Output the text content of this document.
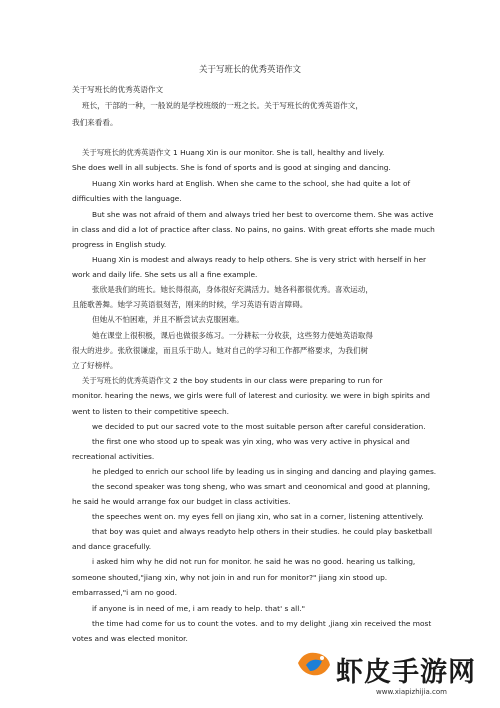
关于写班长的优秀英语作文
关于写班长的优秀英语作文
班长，干部的一种，一般说的是学校班级的一班之长。关于写班长的优秀英语作文，
我们来看看。
关于写班长的优秀英语作文 1 Huang Xin is our monitor. She is tall, healthy and lively.
She does well in all subjects. She is fond of sports and is good at singing and dancing.
Huang Xin works hard at English. When she came to the school, she had quite a lot of
difficulties with the language.
But she was not afraid of them and always tried her best to overcome them. She was active
in class and did a lot of practice after class. No pains, no gains. With great efforts she made much
progress in English study.
Huang Xin is modest and always ready to help others. She is very strict with herself in her
work and daily life. She sets us all a fine example.
张欣是我们的班长。她长得很高，身体很好充满活力。她各科都很优秀。喜欢运动，
且能歌善舞。她学习英语很刻苦，刚来的时候，学习英语有语言障碍。
但她从不怕困难，并且不断尝试去克服困难。
她在课堂上很积极，课后也做很多练习。一分耕耘一分收获，这些努力使她英语取得
很大的进步。张欣很谦虚，而且乐于助人。她对自己的学习和工作都严格要求，为我们树
立了好榜样。
关于写班长的优秀英语作文 2 the boy students in our class were preparing to run for
monitor. hearing the news, we girls were full of laterest and curiosity. we were in bigh spirits and
went to listen to their competitive speech.
we decided to put our sacred vote to the most suitable person after careful consideration.
the first one who stood up to speak was yin xing, who was very active in physical and
recreational activities.
he pledged to enrich our school life by leading us in singing and dancing and playing games.
the second speaker was tong sheng, who was smart and ceonomical and good at planning,
he said he would arrange fox our budget in class activities.
the speeches went on. my eyes fell on jiang xin, who sat in a corner, listening attentively.
that boy was quiet and always readyto help others in their studies. he could play basketball
and dance gracefully.
i asked him why he did not run for monitor. he said he was no good. hearing us talking,
someone shouted,"jiang xin, why not join in and run for monitor?" jiang xin stood up.
embarrassed,"i am no good.
if anyone is in need of me, i am ready to help. that' s all."
the time had come for us to count the votes. and to my delight ,jiang xin received the most
votes and was elected monitor.
虾皮手游网
www.xiapizhijia.com
